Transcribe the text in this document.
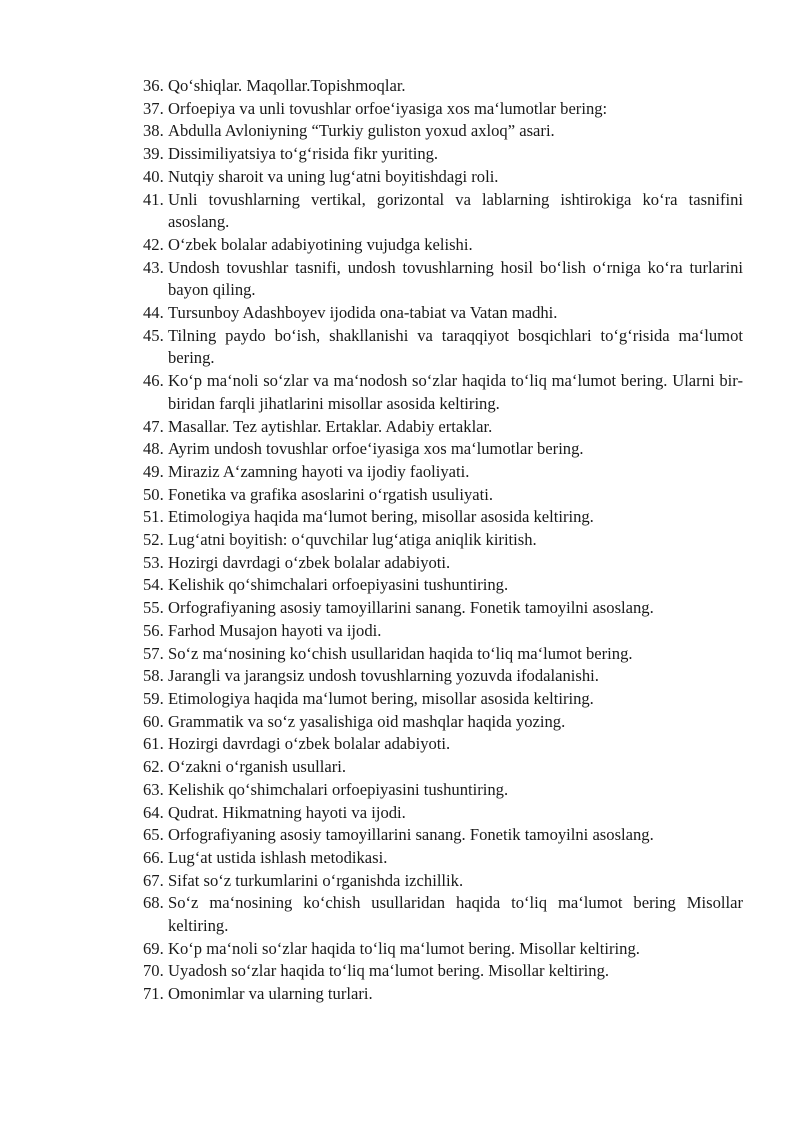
36. Qo‘shiqlar. Maqollar.Topishmoqlar.
37. Orfoepiya va unli tovushlar orfoe‘iyasiga xos ma‘lumotlar bering:
38. Abdulla Avloniyning “Turkiy guliston yoxud axloq” asari.
39. Dissimiliyatsiya to‘g‘risida fikr yuriting.
40. Nutqiy sharoit va uning lug‘atni boyitishdagi roli.
41. Unli tovushlarning vertikal, gorizontal va lablarning ishtirokiga ko‘ra tasnifini asoslang.
42. O‘zbek bolalar adabiyotining vujudga kelishi.
43. Undosh tovushlar tasnifi, undosh tovushlarning hosil bo‘lish o‘rniga ko‘ra turlarini bayon qiling.
44. Tursunboy Adashboyev ijodida ona-tabiat va Vatan madhi.
45. Tilning paydo bo‘ish, shakllanishi va taraqqiyot bosqichlari to‘g‘risida ma‘lumot bering.
46. Ko‘p ma‘noli so‘zlar va ma‘nodosh so‘zlar haqida to‘liq ma‘lumot bering. Ularni bir-biridan farqli jihatlarini misollar asosida keltiring.
47. Masallar. Tez aytishlar. Ertaklar. Adabiy ertaklar.
48. Ayrim undosh tovushlar orfoe‘iyasiga xos ma‘lumotlar bering.
49. Miraziz A‘zamning hayoti va ijodiy faoliyati.
50. Fonetika va grafika asoslarini o‘rgatish usuliyati.
51. Etimologiya haqida ma‘lumot bering, misollar asosida keltiring.
52. Lug‘atni boyitish: o‘quvchilar lug‘atiga aniqlik kiritish.
53. Hozirgi davrdagi o‘zbek bolalar adabiyoti.
54. Kelishik qo‘shimchalari orfoepiyasini tushuntiring.
55. Orfografiyaning asosiy tamoyillarini sanang. Fonetik tamoyilni asoslang.
56. Farhod Musajon hayoti va ijodi.
57. So‘z ma‘nosining ko‘chish usullaridan haqida to‘liq ma‘lumot bering.
58. Jarangli va jarangsiz undosh tovushlarning yozuvda ifodalanishi.
59. Etimologiya haqida ma‘lumot bering, misollar asosida keltiring.
60. Grammatik va so‘z yasalishiga oid mashqlar haqida yozing.
61. Hozirgi davrdagi o‘zbek bolalar adabiyoti.
62. O‘zakni o‘rganish usullari.
63. Kelishik qo‘shimchalari orfoepiyasini tushuntiring.
64. Qudrat. Hikmatning hayoti va ijodi.
65. Orfografiyaning asosiy tamoyillarini sanang. Fonetik tamoyilni asoslang.
66. Lug‘at ustida ishlash metodikasi.
67. Sifat so‘z turkumlarini o‘rganishda izchillik.
68. So‘z ma‘nosining ko‘chish usullaridan haqida to‘liq ma‘lumot bering Misollar keltiring.
69. Ko‘p ma‘noli so‘zlar haqida to‘liq ma‘lumot bering. Misollar keltiring.
70. Uyadosh so‘zlar haqida to‘liq ma‘lumot bering. Misollar keltiring.
71. Omonimlar va ularning turlari.
